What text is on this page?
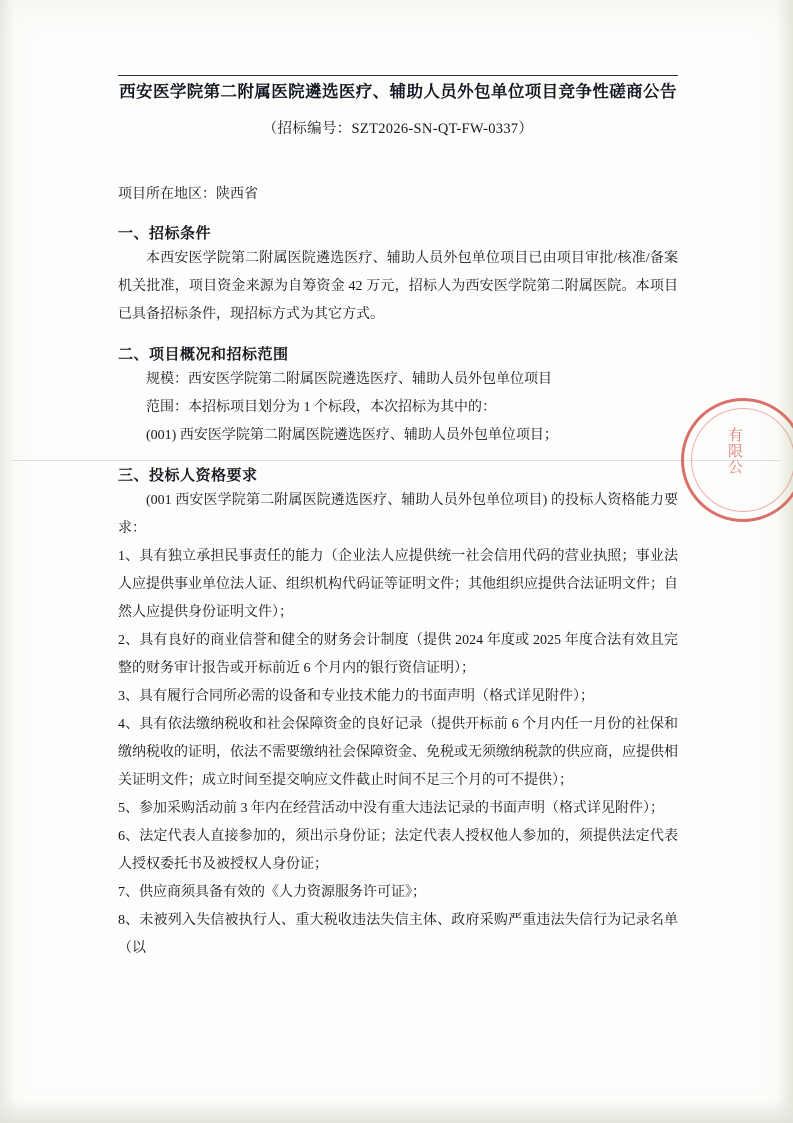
西安医学院第二附属医院遴选医疗、辅助人员外包单位项目竞争性磋商公告
（招标编号：SZT2026-SN-QT-FW-0337）
项目所在地区：陕西省
一、招标条件

本西安医学院第二附属医院遴选医疗、辅助人员外包单位项目已由项目审批/核准/备案机关批准，项目资金来源为自筹资金 42 万元，招标人为西安医学院第二附属医院。本项目已具备招标条件，现招标方式为其它方式。

二、项目概况和招标范围

规模：西安医学院第二附属医院遴选医疗、辅助人员外包单位项目

范围：本招标项目划分为 1 个标段，本次招标为其中的：

(001) 西安医学院第二附属医院遴选医疗、辅助人员外包单位项目；

三、投标人资格要求

(001 西安医学院第二附属医院遴选医疗、辅助人员外包单位项目) 的投标人资格能力要求：

1、具有独立承担民事责任的能力（企业法人应提供统一社会信用代码的营业执照；事业法人应提供事业单位法人证、组织机构代码证等证明文件；其他组织应提供合法证明文件；自然人应提供身份证明文件）；

2、具有良好的商业信誉和健全的财务会计制度（提供 2024 年度或 2025 年度合法有效且完整的财务审计报告或开标前近 6 个月内的银行资信证明）；

3、具有履行合同所必需的设备和专业技术能力的书面声明（格式详见附件）；

4、具有依法缴纳税收和社会保障资金的良好记录（提供开标前 6 个月内任一月份的社保和缴纳税收的证明，依法不需要缴纳社会保障资金、免税或无须缴纳税款的供应商，应提供相关证明文件；成立时间至提交响应文件截止时间不足三个月的可不提供）；

5、参加采购活动前 3 年内在经营活动中没有重大违法记录的书面声明（格式详见附件）；

6、法定代表人直接参加的，须出示身份证；法定代表人授权他人参加的，须提供法定代表人授权委托书及被授权人身份证；

7、供应商须具备有效的《人力资源服务许可证》；

8、未被列入失信被执行人、重大税收违法失信主体、政府采购严重违法失信行为记录名单（以

有限公
